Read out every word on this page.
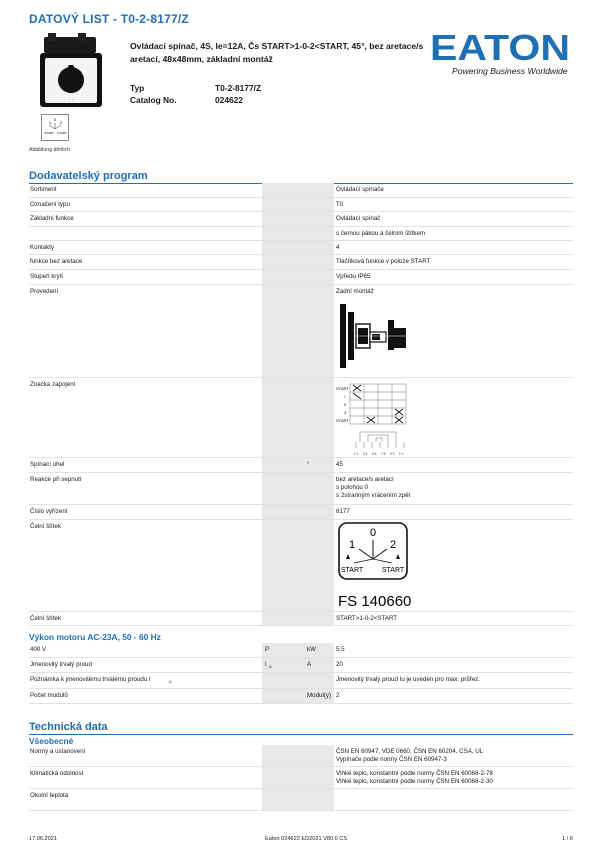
DATOVÝ LIST - T0-2-8177/Z
· ·
Ovládací spínač, 4S, Ie=12A, Čs START>1-0-2<START, 45°, bez aretace/s aretací, 48x48mm, základní montáž
Typ	T0-2-8177/Z
Catalog No.	024622
EATON
Powering Business Worldwide
0
1 2
START START
Abbildung ähnlich
Dodavatelský program
Sortiment	Ovládací spínače
Označení typu	T0
Základní funkce	Ovládací spínač
s černou pákou a čelním štítkem
Kontakty	4
funkce bez aretace	Tlačítková funkce v poloze START
Stupeň krytí	Vpředu IP65
Provedení	Zadní montáž
Značka zapojení
Spínací úhel	°	45
Reakce při sepnutí	bez aretace/s aretací
s polohou 0
s 2stranným vrácením zpět
Číslo vyřízení	8177
Čelní štítek
Čelní štítek	START>1-0-2<START
START
/
0
1
START
1 2 3 4 5 6 7 8 9 0 1 2
0
1	2
START	START
FS 140660
Výkon motoru AC-23A, 50 - 60 Hz
400 V	P	kW	5.5
Jmenovitý trvalý proud	I u	A	20
Poznámka k jmenovitému trvalému proudu I	u	Jmenovitý trvalý proud Iu je uveden pro max. průřez.
Počet modulů	Modul(y) 2
Technická data
Všeobecné
Normy a ustanovení	ČSN EN 60947, VDE 0660, ČSN EN 60204, CSA, UL
Vypínače podle normy ČSN EN 60947-3
Klimatická odolnost	Vlhké teplo, konstantní podle normy ČSN EN 60068-2-78
Vlhké teplo, konstantní podle normy ČSN EN 60068-2-30
Okolní teplota
17.06.2021	Eaton 024622 ED2021 V80.0 CS	1 / 6
